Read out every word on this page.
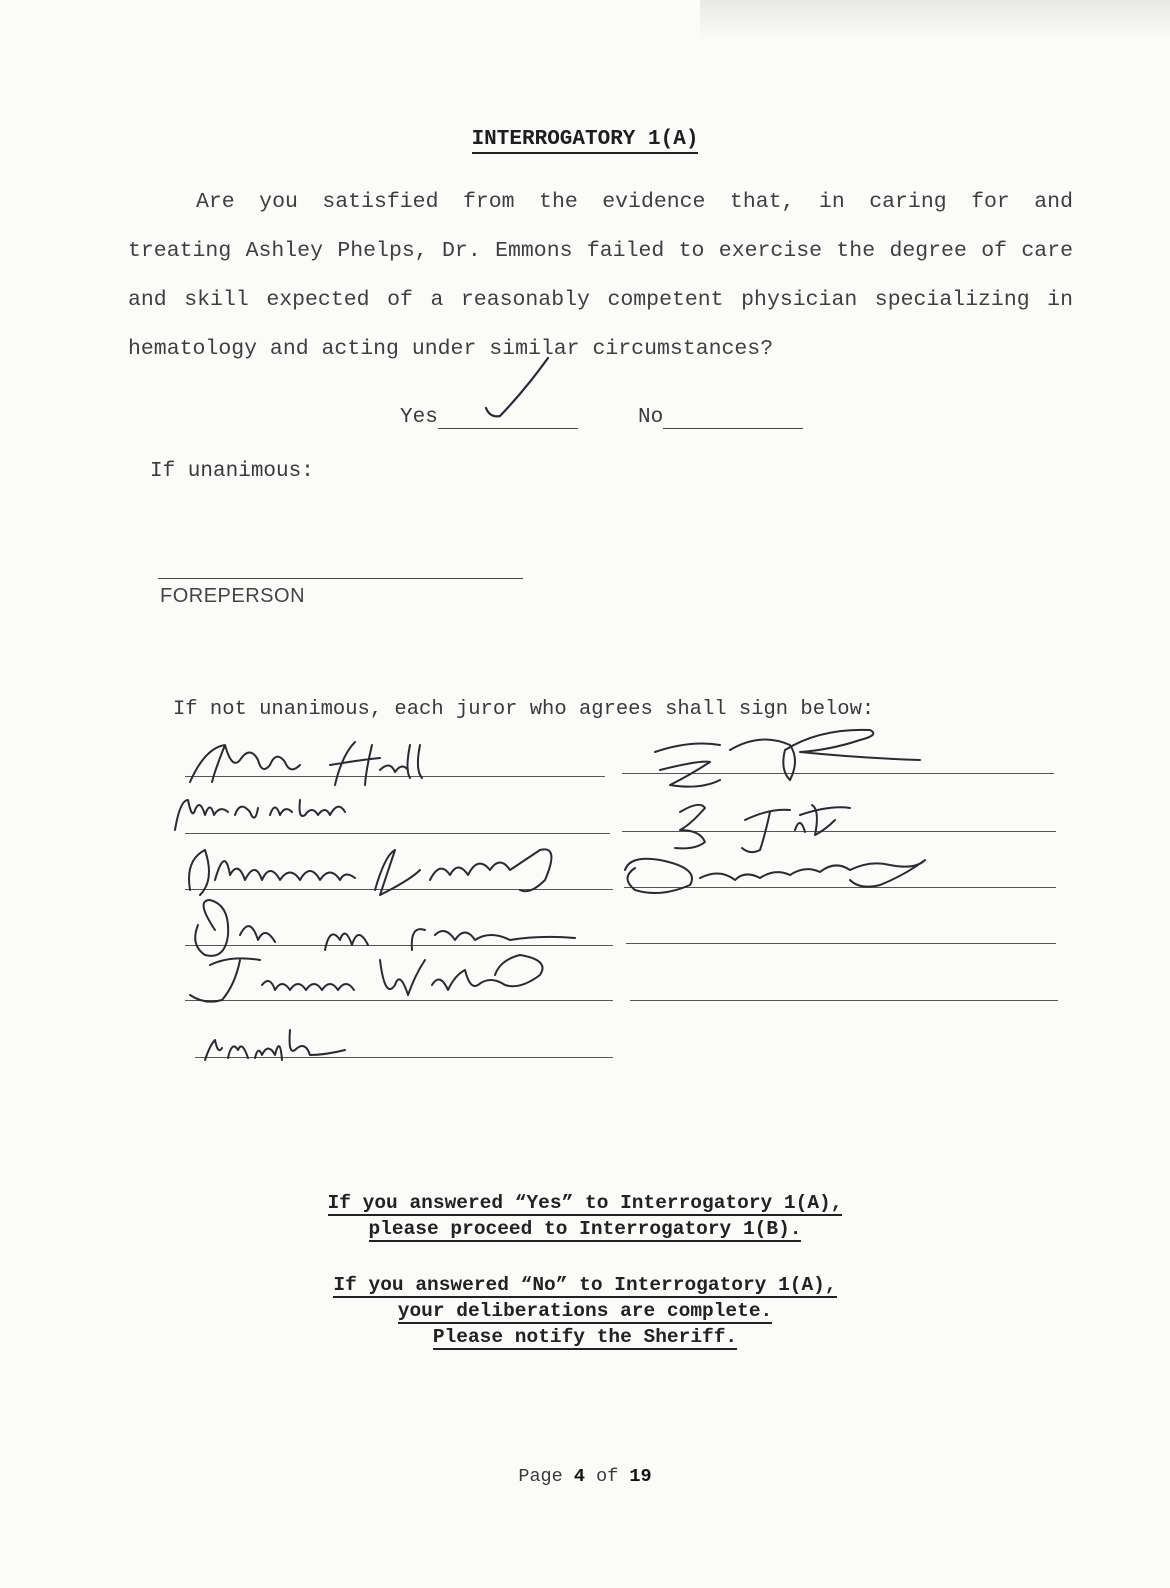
INTERROGATORY 1(A)
Are you satisfied from the evidence that, in caring for and treating Ashley Phelps, Dr. Emmons failed to exercise the degree of care and skill expected of a reasonably competent physician specializing in hematology and acting under similar circumstances?
Yes	No
If unanimous:
FOREPERSON
If not unanimous, each juror who agrees shall sign below:
If you answered “Yes” to Interrogatory 1(A),
please proceed to Interrogatory 1(B).
If you answered “No” to Interrogatory 1(A),
your deliberations are complete.
Please notify the Sheriff.
Page 4 of 19
